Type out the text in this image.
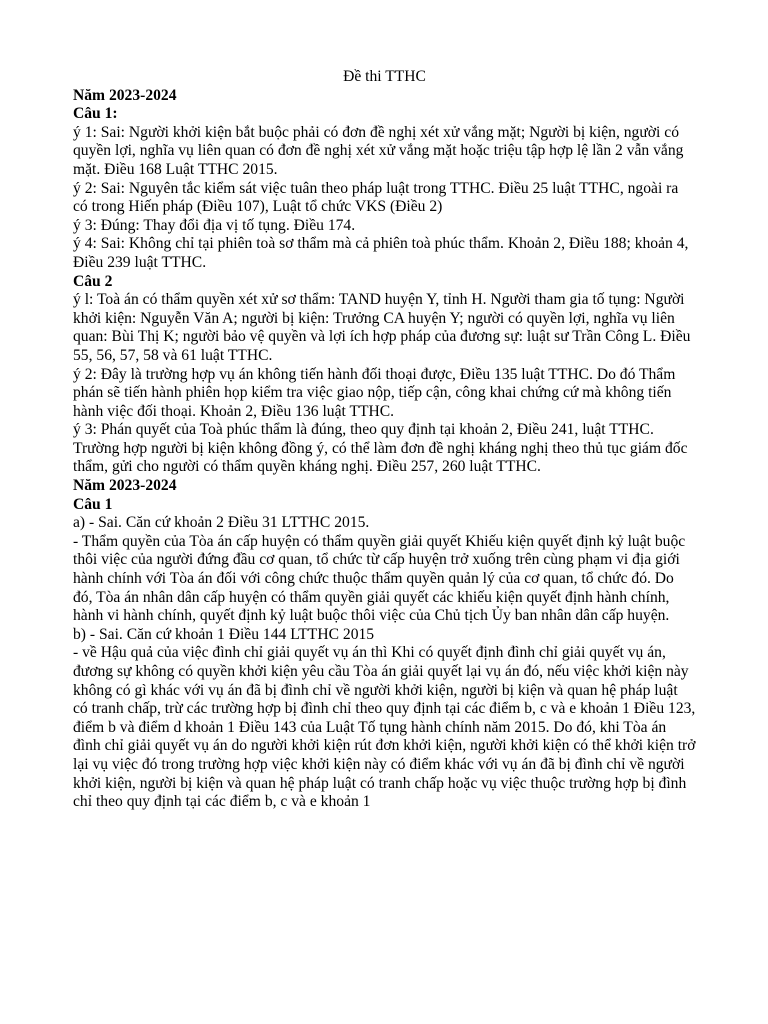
Đề thi TTHC

Năm 2023-2024

Câu 1:

ý 1: Sai: Người khởi kiện bắt buộc phải có đơn đề nghị xét xử vắng mặt; Người bị kiện, người có quyền lợi, nghĩa vụ liên quan có đơn đề nghị xét xử vắng mặt hoặc triệu tập hợp lệ lần 2 vẫn vắng mặt. Điều 168 Luật TTHC 2015.

ý 2: Sai: Nguyên tắc kiểm sát việc tuân theo pháp luật trong TTHC. Điều 25 luật TTHC, ngoài ra có trong Hiến pháp (Điều 107), Luật tổ chức VKS (Điều 2)

ý 3: Đúng: Thay đổi địa vị tố tụng. Điều 174.

ý 4: Sai: Không chỉ tại phiên toà sơ thẩm mà cả phiên toà phúc thẩm. Khoản 2, Điều 188; khoản 4, Điều 239 luật TTHC.

Câu 2

ý l: Toà án có thẩm quyền xét xử sơ thẩm: TAND huyện Y, tỉnh H. Người tham gia tố tụng: Người khởi kiện: Nguyễn Văn A; người bị kiện: Trưởng CA huyện Y; người có quyền lợi, nghĩa vụ liên quan: Bùi Thị K; người bảo vệ quyền và lợi ích hợp pháp của đương sự: luật sư Trần Công L. Điều 55, 56, 57, 58 và 61 luật TTHC.

ý 2: Đây là trường hợp vụ án không tiến hành đối thoại được, Điều 135 luật TTHC. Do đó Thẩm phán sẽ tiến hành phiên họp kiểm tra việc giao nộp, tiếp cận, công khai chứng cứ mà không tiến hành việc đối thoại. Khoản 2, Điều 136 luật TTHC.

ý 3: Phán quyết của Toà phúc thẩm là đúng, theo quy định tại khoản 2, Điều 241, luật TTHC.

Trường hợp người bị kiện không đồng ý, có thể làm đơn đề nghị kháng nghị theo thủ tục giám đốc thẩm, gửi cho người có thẩm quyền kháng nghị. Điều 257, 260 luật TTHC.

Năm 2023-2024

Câu 1

a) - Sai. Căn cứ khoản 2 Điều 31 LTTHC 2015.

- Thẩm quyền của Tòa án cấp huyện có thẩm quyền giải quyết Khiếu kiện quyết định kỷ luật buộc thôi việc của người đứng đầu cơ quan, tổ chức từ cấp huyện trở xuống trên cùng phạm vi địa giới hành chính với Tòa án đối với công chức thuộc thẩm quyền quản lý của cơ quan, tổ chức đó. Do đó, Tòa án nhân dân cấp huyện có thẩm quyền giải quyết các khiếu kiện quyết định hành chính, hành vi hành chính, quyết định kỷ luật buộc thôi việc của Chủ tịch Ủy ban nhân dân cấp huyện.

b) - Sai. Căn cứ khoản 1 Điều 144 LTTHC 2015

- về Hậu quả của việc đình chỉ giải quyết vụ án thì Khi có quyết định đình chỉ giải quyết vụ án, đương sự không có quyền khởi kiện yêu cầu Tòa án giải quyết lại vụ án đó, nếu việc khởi kiện này không có gì khác với vụ án đã bị đình chỉ về người khởi kiện, người bị kiện và quan hệ pháp luật có tranh chấp, trừ các trường hợp bị đình chỉ theo quy định tại các điểm b, c và e khoản 1 Điều 123, điểm b và điểm d khoản 1 Điều 143 của Luật Tố tụng hành chính năm 2015. Do đó, khi Tòa án đình chỉ giải quyết vụ án do người khởi kiện rút đơn khởi kiện, người khởi kiện có thể khởi kiện trở lại vụ việc đó trong trường hợp việc khởi kiện này có điểm khác với vụ án đã bị đình chỉ về người khởi kiện, người bị kiện và quan hệ pháp luật có tranh chấp hoặc vụ việc thuộc trường hợp bị đình chỉ theo quy định tại các điểm b, c và e khoản 1
